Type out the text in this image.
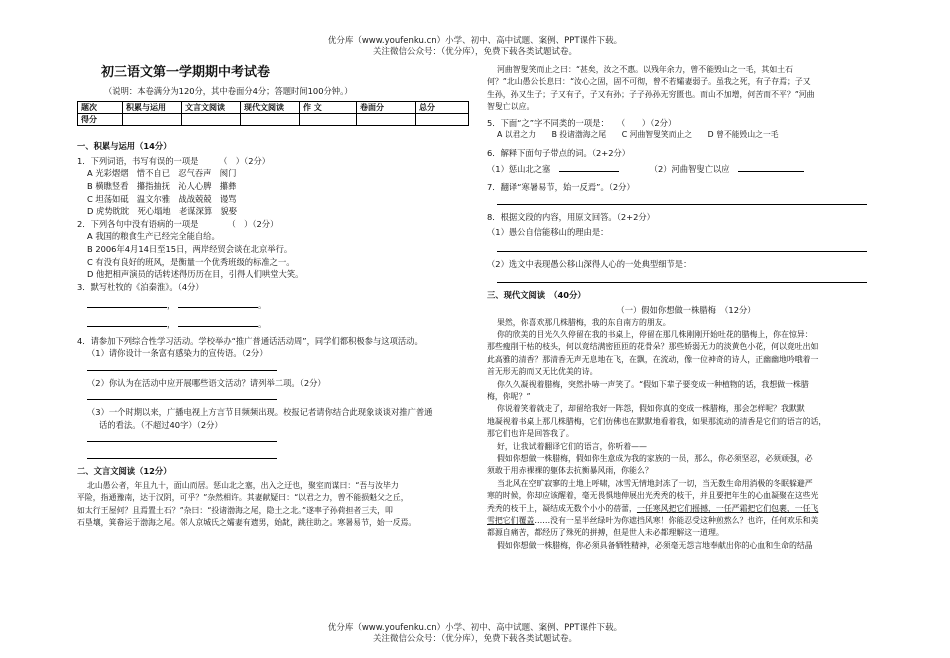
优分库（www.youfenku.cn）小学、初中、高中试题、案例、PPT课件下载。
关注微信公众号：（优分库），免费下载各类试题试卷。
初三语文第一学期期中考试卷
（说明：本卷满分为120分，其中卷面分4分；答题时间100分钟。）
题次	积累与运用	文言文阅读	现代文阅读	作 文	卷面分	总分
得分						
一、积累与运用（14分）

1．下列词语，书写有误的一项是　　　（　）（2分）

A 光彩熠熠　惜不自已　忍气吞声　阂门

B 横瞧竖看　攥指抽抚　沁人心脾　攥彝

C 坦荡如砥　温文尔雅　战战兢兢　谩骂

D 虎势眈眈　死心塌地　老谋深算　貌娶

2．下列各句中没有语病的一项是　　　　（　）（2分）

A 我国的粮食生产已经完全能自给。

B 2006年4月14日至15日，两岸经贸会谈在北京举行。

C 有没有良好的班风，是衡量一个优秀班级的标准之一。

D 他把相声演员的话转述得历历在目，引得人们哄堂大笑。

3．默写杜牧的《泊秦淮》。（4分）

，	。
，	。

4．请参加下列综合性学习活动。学校举办“推广普通话活动周”，同学们都积极参与这项活动。

（1）请你设计一条富有感染力的宣传语。（2分）

（2）你认为在活动中应开展哪些语文活动？请列举二项。（2分）

（3）一个时期以来，广播电视上方言节目频频出现。校报记者请你结合此现象谈谈对推广普通

话的看法。（不超过40字）（2分）

二、文言文阅读（12分）

北山愚公者，年且九十，面山而居。惩山北之塞，出入之迂也，聚室而谋曰：“吾与汝毕力

平险，指通豫南，达于汉阴，可乎？”杂然相许。其妻献疑曰：“以君之力，曾不能损魁父之丘，

如太行王屋何？且焉置土石？”杂曰：“投诸渤海之尾，隐土之北。”遂率子孙荷担者三夫，叩

石垦壤，箕畚运于渤海之尾。邻人京城氏之孀妻有遗男，始龀，跳往助之。寒暑易节，始一反焉。

河曲智叟笑而止之曰：“甚矣，汝之不惠。以残年余力，曾不能毁山之一毛，其如土石

何？”北山愚公长息曰：“汝心之固，固不可彻，曾不若孀妻弱子。虽我之死，有子存焉；子又

生孙，孙又生子；子又有子，子又有孙；子子孙孙无穷匮也。而山不加增，何苦而不平？”河曲

智叟亡以应。

5．下面“之”字不同类的一项是：　　（　　）（2分）

A 以君之力　　B 投诸渤海之尾　　C 河曲智叟笑而止之　　D 曾不能毁山之一毛

6．解释下面句子带点的词。（2+2分）

（1）惩山北之塞	（2）河曲智叟亡以应

7．翻译“寒暑易节，始一反焉”。（2分）

8．根据文段的内容，用原文回答。（2+2分）

（1）愚公自信能移山的理由是：

（2）选文中表现愚公移山深得人心的一处典型细节是：

三、现代文阅读　（40分）

（一）假如你想做一株腊梅　（12分）

果然，你喜欢那几株腊梅，我的东自南方的朋友。

你的欣美的目光久久停留在我的书桌上，停留在那几株刚刚开始吐花的腊梅上，你在惊异：

那些瘦削干枯的枝头，何以竟结满密匝匝的花骨朵？那些娇弱无力的淡黄色小花，何以竟吐出如

此高雅的清香？那清香无声无息地在飞，在飘，在流动，像一位神奇的诗人，正幽幽地吟哦着一

首无形无韵而又无比优美的诗。

你久久凝视着腊梅，突然扑哧一声笑了。“假如下辈子要变成一种植物的话，我想做一株腊

梅，你呢？”

你说着笑着就走了，却留给我好一阵怨，假如你真的变成一株腊梅，那会怎样呢？我默默

地凝视着书桌上那几株腊梅，它们仿佛也在默默地看着我，如果那流动的清香是它们的语言的话，

那它们也许是回答我了。

好，让我试着翻译它们的语言，你听着——

假如你想做一株腊梅，假如你生意成为我的家族的一员，那么，你必须坚忍，必须顽强，必

须敢于用赤裸裸的躯体去抗衡暴风雨，你能么？

当北风在空旷寂寥的土地上呼啸，冰雪无情地封冻了一切，当无数生命用消极的冬眠躲避严

寒的时候，你却应该醒着，毫无畏惧地伸展出光秃秃的枝干，并且要把年生的心血凝聚在这些光

秃秃的枝干上，凝结成无数个小小的蓓蕾，一任寒风把它们摇撼，一任严霜把它们包裹，一任飞

雪把它们覆盖……没有一星半丝绿叶为你遮挡风寒！你能忍受这种煎熬么？也许，任何欢乐和美

都源自痛苦，都经历了殊死的拼搏，但是世人未必都理解这一道理。

假如你想做一株腊梅，你必须具备牺牲精神，必须毫无怨言地奉献出你的心血和生命的结晶

优分库（www.youfenku.cn）小学、初中、高中试题、案例、PPT课件下载。
关注微信公众号：（优分库），免费下载各类试题试卷。
